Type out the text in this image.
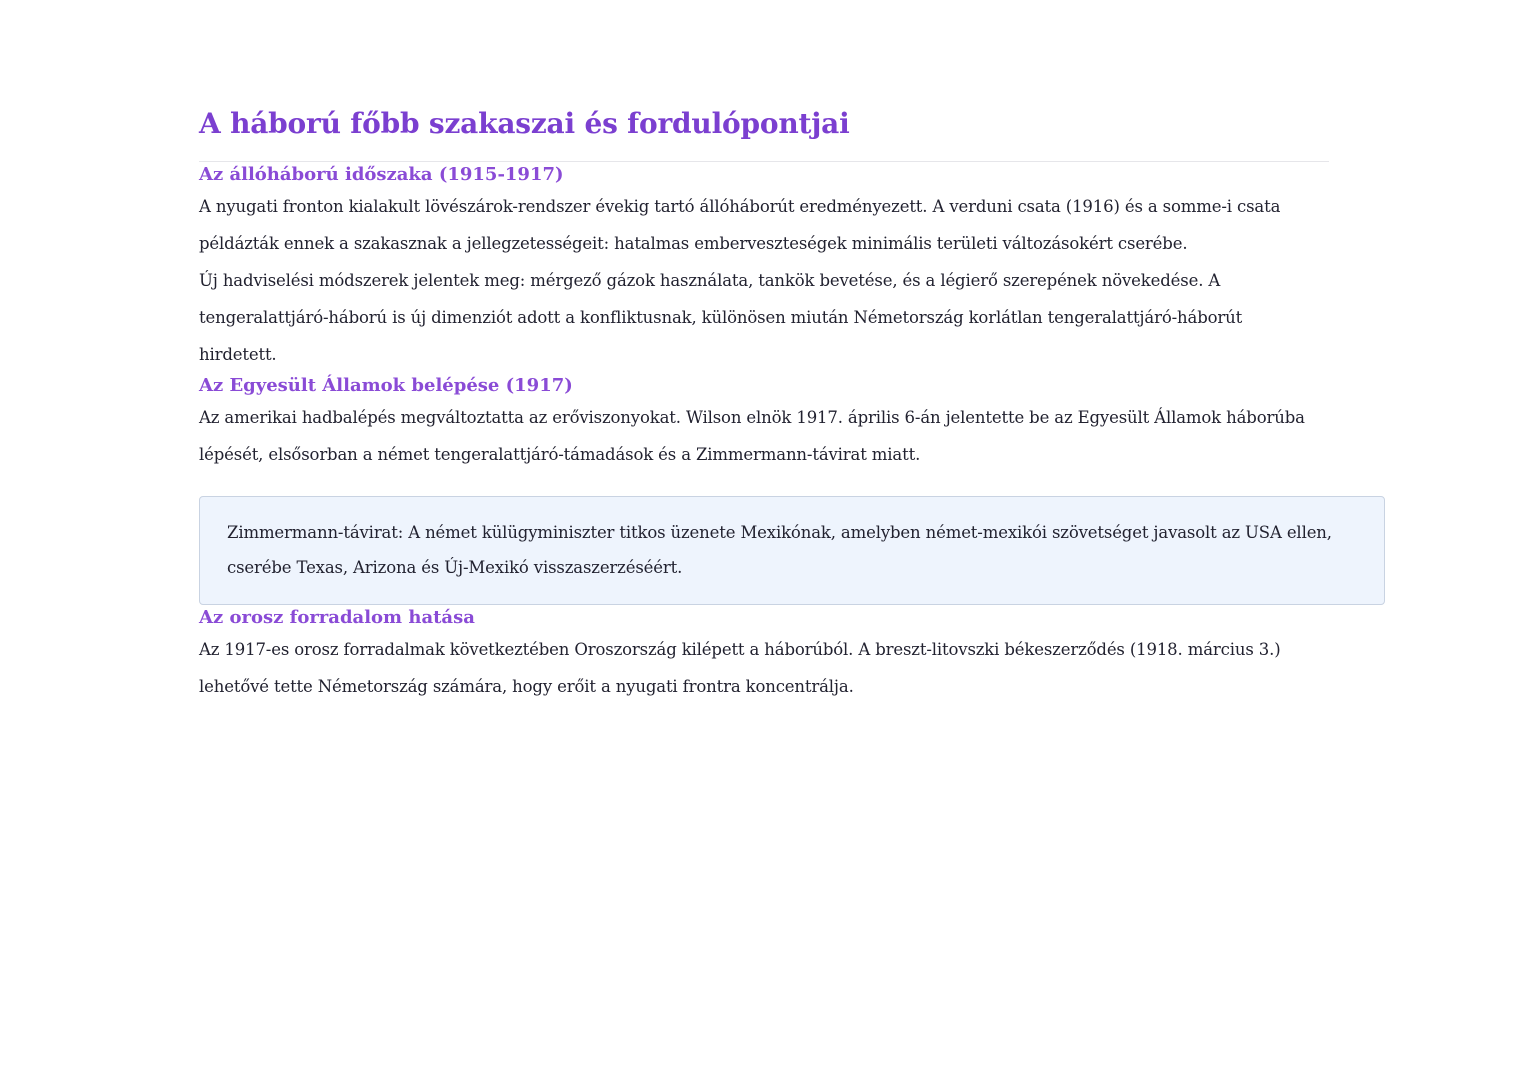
A háború főbb szakaszai és fordulópontjai
Az állóháború időszaka (1915-1917)

A nyugati fronton kialakult lövészárok-rendszer évekig tartó állóháborút eredményezett. A verduni csata (1916) és a somme-i csata példázták ennek a szakasznak a jellegzetességeit: hatalmas emberveszteségek minimális területi változásokért cserébe.

Új hadviselési módszerek jelentek meg: mérgező gázok használata, tankök bevetése, és a légierő szerepének növekedése. A tengeralattjáró-háború is új dimenziót adott a konfliktusnak, különösen miután Németország korlátlan tengeralattjáró-háborút hirdetett.

Az Egyesült Államok belépése (1917)

Az amerikai hadbalépés megváltoztatta az erőviszonyokat. Wilson elnök 1917. április 6-án jelentette be az Egyesült Államok háborúba lépését, elsősorban a német tengeralattjáró-támadások és a Zimmermann-távirat miatt.

Zimmermann-távirat: A német külügyminiszter titkos üzenete Mexikónak, amelyben német-mexikói szövetséget javasolt az USA ellen, cserébe Texas, Arizona és Új-Mexikó visszaszerzéséért.

Az orosz forradalom hatása

Az 1917-es orosz forradalmak következtében Oroszország kilépett a háborúból. A breszt-litovszki békeszerződés (1918. március 3.) lehetővé tette Németország számára, hogy erőit a nyugati frontra koncentrálja.
